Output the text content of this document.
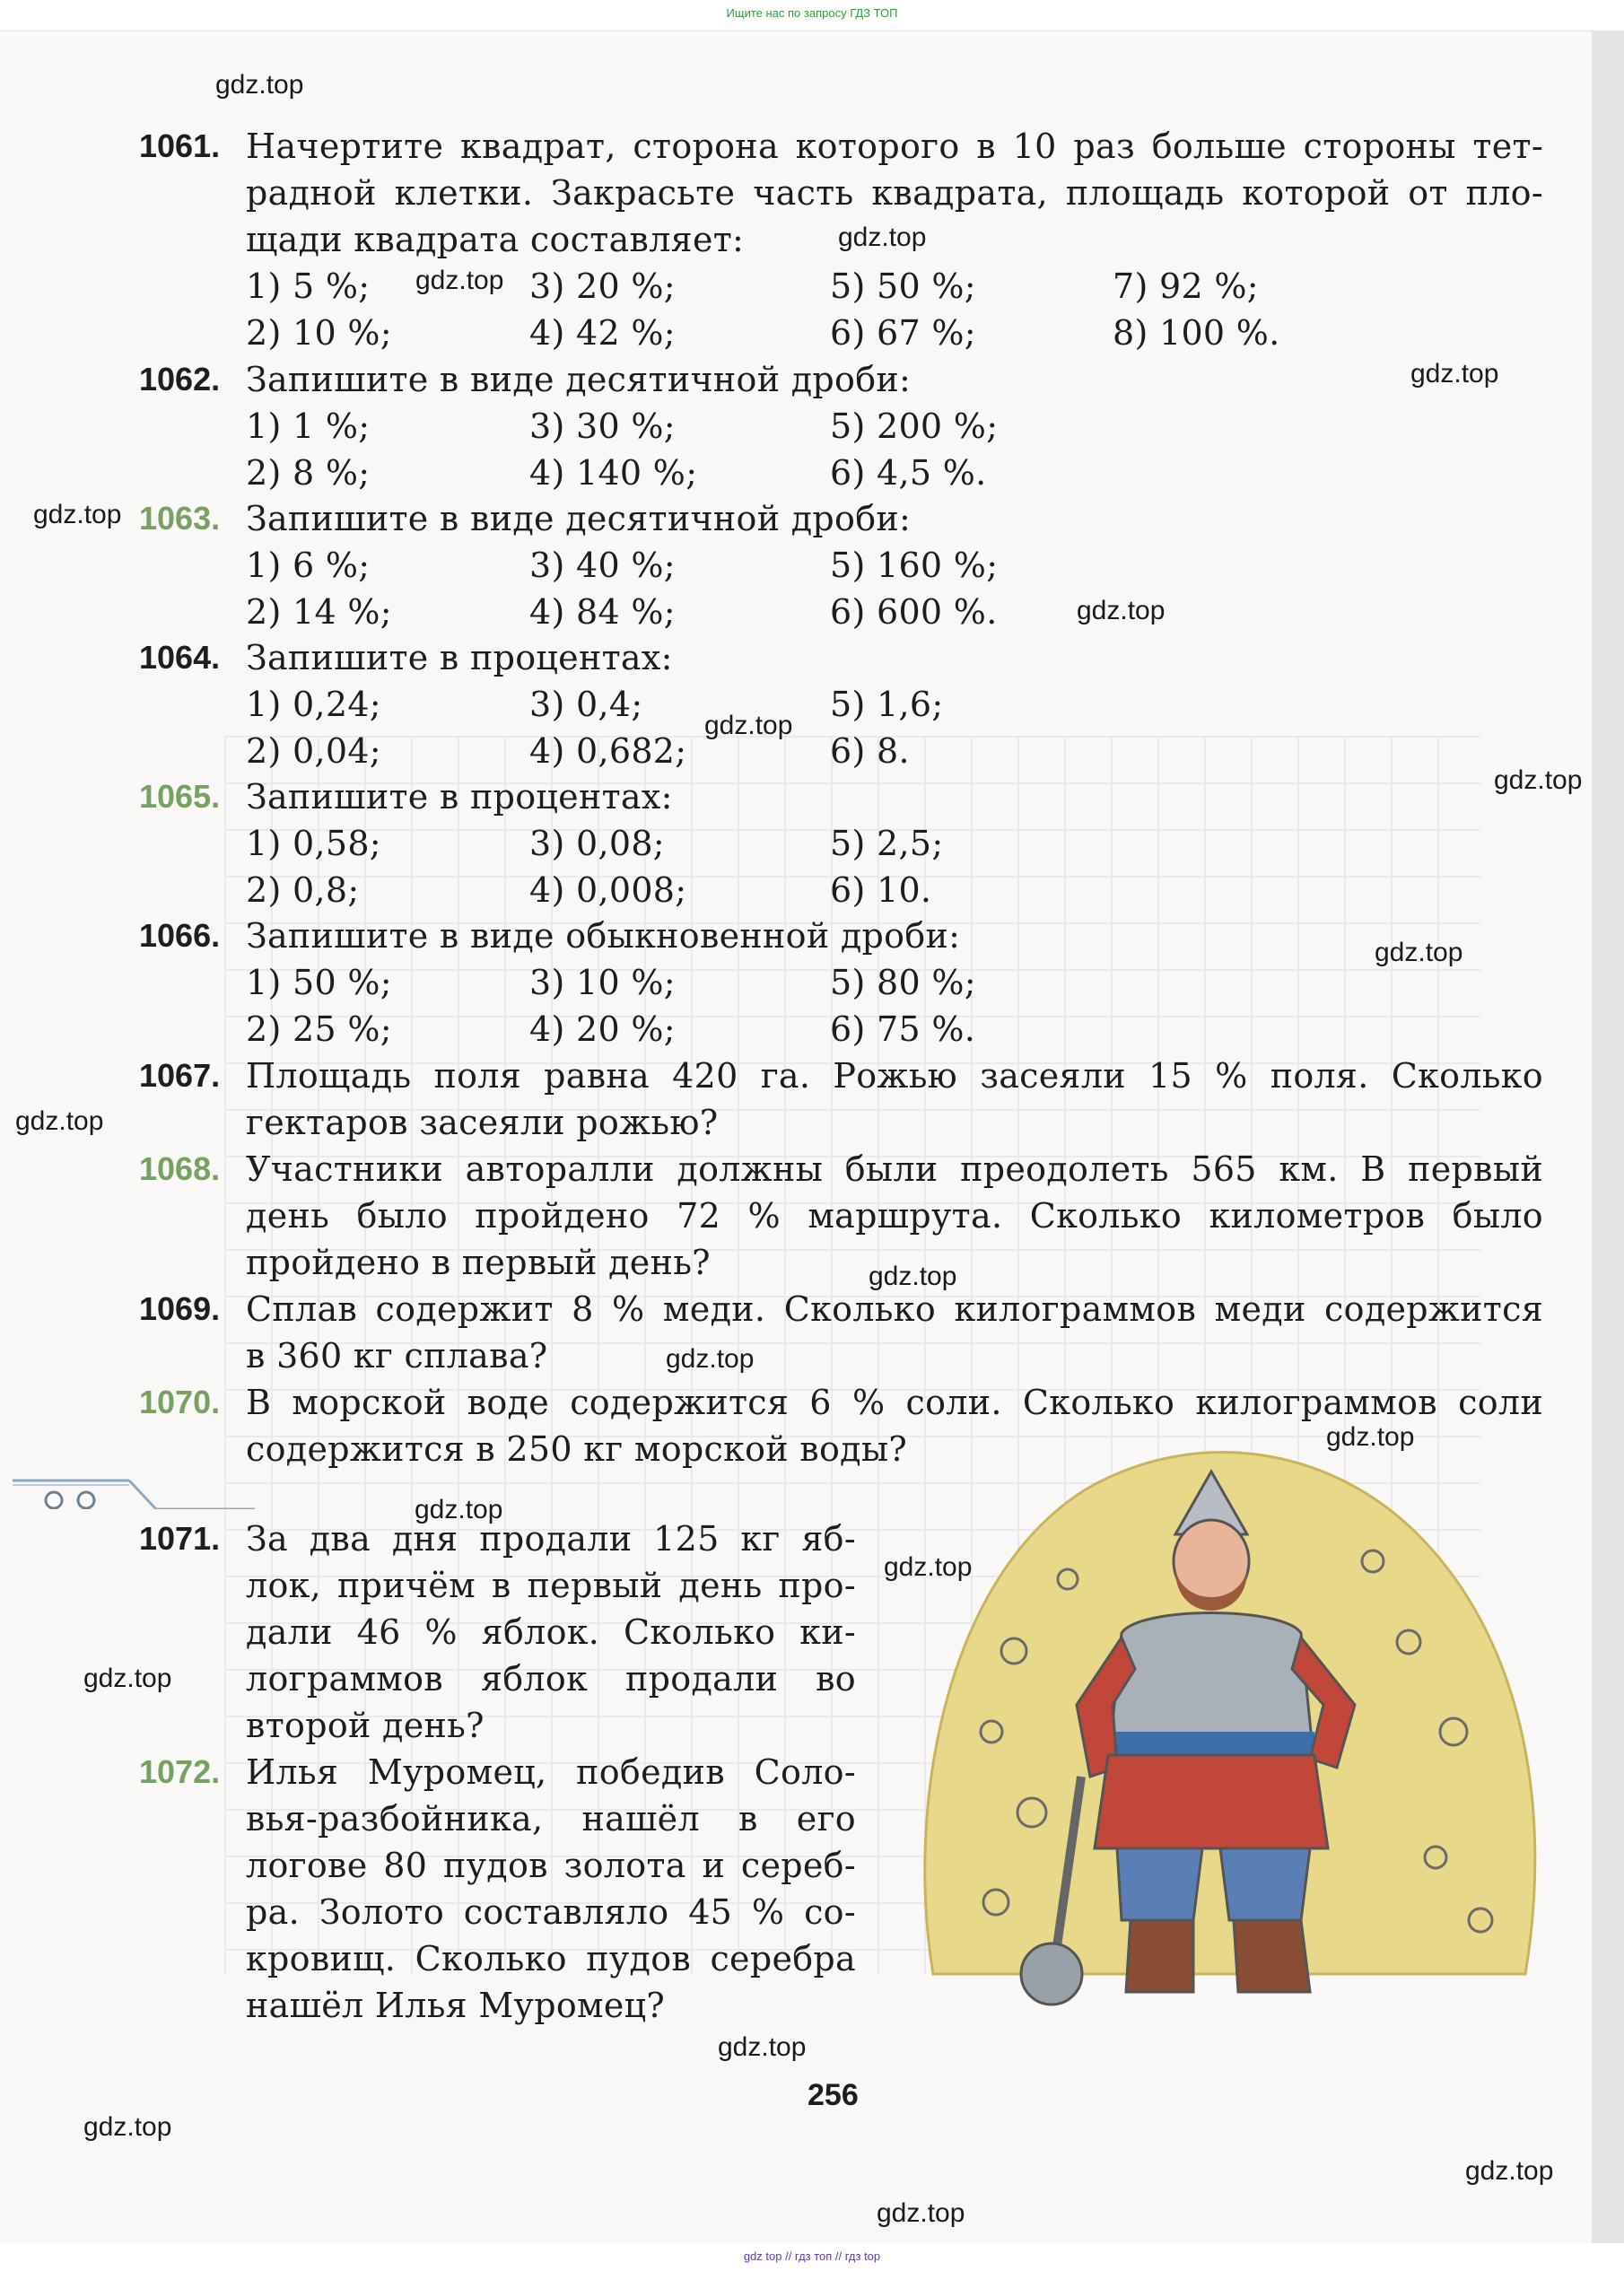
Ищите нас по запросу ГДЗ ТОП
1061. Начертите квадрат, сторона которого в 10 раз больше стороны тет-
радной клетки. Закрасьте часть квадрата, площадь которой от пло-
щади квадрата составляет:
1) 5 %;	3) 20 %;	5) 50 %;	7) 92 %;
2) 10 %;	4) 42 %;	6) 67 %;	8) 100 %.
1062. Запишите в виде десятичной дроби:
1) 1 %;	3) 30 %;	5) 200 %;
2) 8 %;	4) 140 %;	6) 4,5 %.
1063. Запишите в виде десятичной дроби:
1) 6 %;	3) 40 %;	5) 160 %;
2) 14 %;	4) 84 %;	6) 600 %.
1064. Запишите в процентах:
1) 0,24;	3) 0,4;	5) 1,6;
2) 0,04;	4) 0,682;	6) 8.
1065. Запишите в процентах:
1) 0,58;	3) 0,08;	5) 2,5;
2) 0,8;	4) 0,008;	6) 10.
1066. Запишите в виде обыкновенной дроби:
1) 50 %;	3) 10 %;	5) 80 %;
2) 25 %;	4) 20 %;	6) 75 %.
1067. Площадь поля равна 420 га. Рожью засеяли 15 % поля. Сколько
гектаров засеяли рожью?
1068. Участники авторалли должны были преодолеть 565 км. В первый
день было пройдено 72 % маршрута. Сколько километров было
пройдено в первый день?
1069. Сплав содержит 8 % меди. Сколько килограммов меди содержится
в 360 кг сплава?
1070. В морской воде содержится 6 % соли. Сколько килограммов соли
содержится в 250 кг морской воды?
1071. За два дня продали 125 кг яб-
лок, причём в первый день про-
дали 46 % яблок. Сколько ки-
лограммов яблок продали во
второй день?
1072. Илья Муромец, победив Соло-
вья-разбойника, нашёл в его
логове 80 пудов золота и сереб-
ра. Золото составляло 45 % со-
кровищ. Сколько пудов серебра
нашёл Илья Муромец?
gdz.top
gdz.top
gdz.top
gdz.top
gdz.top
gdz.top
gdz.top
gdz.top
gdz.top
gdz.top
gdz.top
gdz.top
gdz.top
gdz.top
gdz.top
gdz.top
gdz.top
gdz.top
gdz.top
gdz.top
256
gdz top // гдз топ // гдз top
